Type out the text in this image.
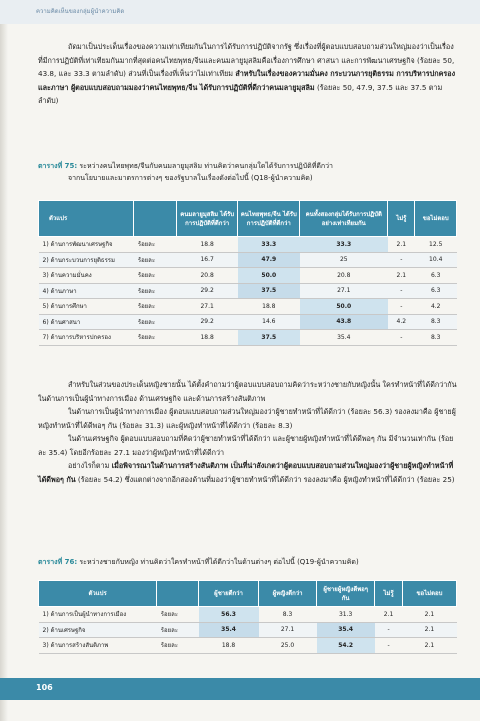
ความคิดเห็นของกลุ่มผู้นำความคิด

ถัดมาเป็นประเด็นเรื่องของความเท่าเทียมกันในการได้รับการปฏิบัติจากรัฐ ซึ่งเรื่องที่ผู้ตอบแบบสอบถามส่วนใหญ่มองว่าเป็นเรื่องที่มีการปฏิบัติที่เท่าเทียมกันมากที่สุดต่อคนไทยพุทธ/จีนและคนมลายูมุสลิมคือเรื่องการศึกษา ศาสนา และการพัฒนาเศรษฐกิจ (ร้อยละ 50, 43.8, และ 33.3 ตามลำดับ) ส่วนที่เป็นเรื่องที่เห็นว่าไม่เท่าเทียม สำหรับในเรื่องของความมั่นคง กระบวนการยุติธรรม การบริหารปกครอง และภาษา ผู้ตอบแบบสอบถามมองว่าคนไทยพุทธ/จีน ได้รับการปฏิบัติที่ดีกว่าคนมลายูมุสลิม (ร้อยละ 50, 47.9, 37.5 และ 37.5 ตามลำดับ)

ตารางที่ 75: ระหว่างคนไทยพุทธ/จีนกับคนมลายูมุสลิม ท่านคิดว่าคนกลุ่มใดได้รับการปฏิบัติที่ดีกว่า
จากนโยบายและมาตรการต่างๆ ของรัฐบาลในเรื่องดังต่อไปนี้ (Q18-ผู้นำความคิด)
ตัวแปร		คนมลายูมุสลิม ได้รับการปฏิบัติที่ดีกว่า	คนไทยพุทธ/จีน ได้รับการปฏิบัติที่ดีกว่า	คนทั้งสองกลุ่มได้รับการปฏิบัติอย่างเท่าเทียมกัน	ไม่รู้	ขอไม่ตอบ
1) ด้านการพัฒนาเศรษฐกิจ	ร้อยละ	18.8	33.3	33.3	2.1	12.5
2) ด้านกระบวนการยุติธรรม	ร้อยละ	16.7	47.9	25	-	10.4
3) ด้านความมั่นคง	ร้อยละ	20.8	50.0	20.8	2.1	6.3
4) ด้านภาษา	ร้อยละ	29.2	37.5	27.1	-	6.3
5) ด้านการศึกษา	ร้อยละ	27.1	18.8	50.0	-	4.2
6) ด้านศาสนา	ร้อยละ	29.2	14.6	43.8	4.2	8.3
7) ด้านการบริหารปกครอง	ร้อยละ	18.8	37.5	35.4	-	8.3
สำหรับในส่วนของประเด็นหญิงชายนั้น ได้ตั้งคำถามว่าผู้ตอบแบบสอบถามคิดว่าระหว่างชายกับหญิงนั้น ใครทำหน้าที่ได้ดีกว่ากันในด้านการเป็นผู้นำทางการเมือง ด้านเศรษฐกิจ และด้านการสร้างสันติภาพ
ในด้านการเป็นผู้นำทางการเมือง ผู้ตอบแบบสอบถามส่วนใหญ่มองว่าผู้ชายทำหน้าที่ได้ดีกว่า (ร้อยละ 56.3) รองลงมาคือ ผู้ชายผู้หญิงทำหน้าที่ได้ดีพอๆ กัน (ร้อยละ 31.3) และผู้หญิงทำหน้าที่ได้ดีกว่า (ร้อยละ 8.3)
ในด้านเศรษฐกิจ ผู้ตอบแบบสอบถามที่คิดว่าผู้ชายทำหน้าที่ได้ดีกว่า และผู้ชายผู้หญิงทำหน้าที่ได้ดีพอๆ กัน มีจำนวนเท่ากัน (ร้อยละ 35.4) โดยอีกร้อยละ 27.1 มองว่าผู้หญิงทำหน้าที่ได้ดีกว่า
อย่างไรก็ตาม เมื่อพิจารณาในด้านการสร้างสันติภาพ เป็นที่น่าสังเกตว่าผู้ตอบแบบสอบถามส่วนใหญ่มองว่าผู้ชายผู้หญิงทำหน้าที่ได้ดีพอๆ กัน (ร้อยละ 54.2) ซึ่งแตกต่างจากอีกสองด้านที่มองว่าผู้ชายทำหน้าที่ได้ดีกว่า รองลงมาคือ ผู้หญิงทำหน้าที่ได้ดีกว่า (ร้อยละ 25)
ตารางที่ 76: ระหว่างชายกับหญิง ท่านคิดว่าใครทำหน้าที่ได้ดีกว่าในด้านต่างๆ ต่อไปนี้ (Q19-ผู้นำความคิด)
ตัวแปร		ผู้ชายดีกว่า	ผู้หญิงดีกว่า	ผู้ชายผู้หญิงดีพอๆ กัน	ไม่รู้	ขอไม่ตอบ
1) ด้านการเป็นผู้นำทางการเมือง	ร้อยละ	56.3	8.3	31.3	2.1	2.1
2) ด้านเศรษฐกิจ	ร้อยละ	35.4	27.1	35.4	-	2.1
3) ด้านการสร้างสันติภาพ	ร้อยละ	18.8	25.0	54.2	-	2.1
106
